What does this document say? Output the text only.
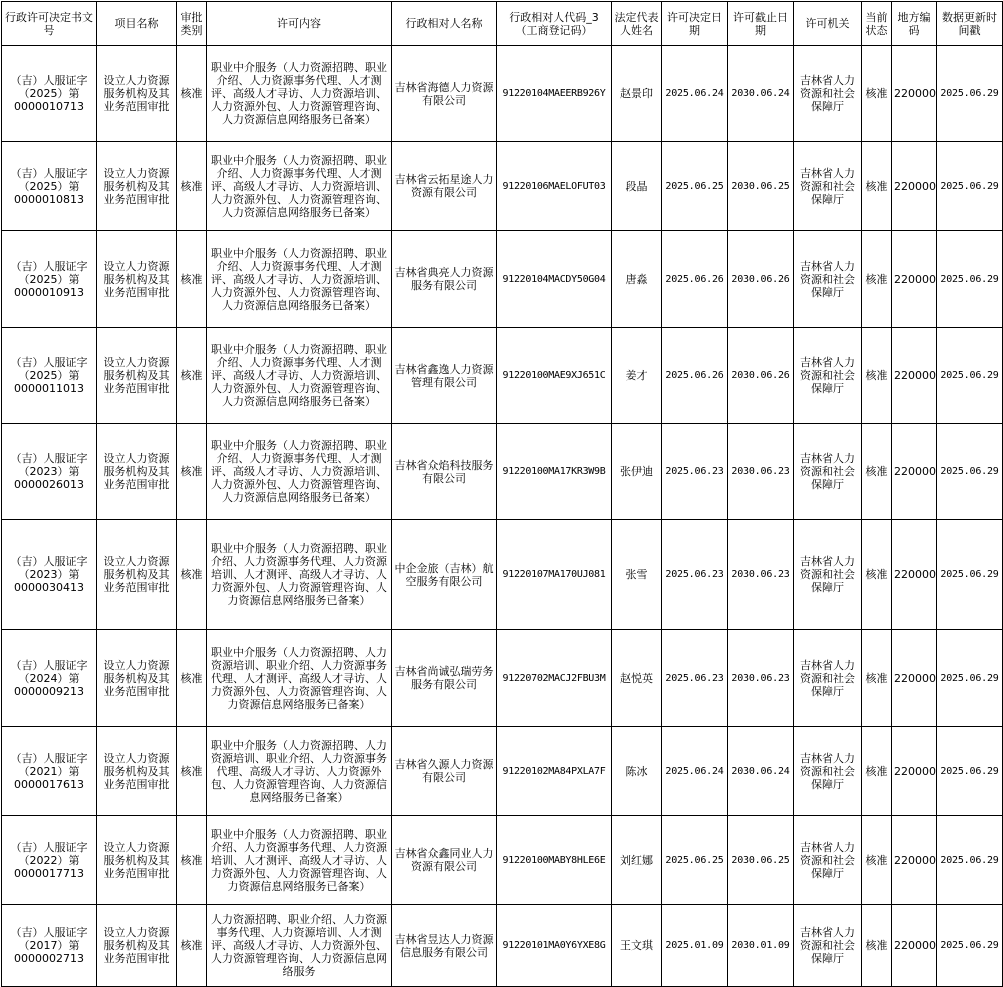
行政许可决定书文号	项目名称	审批类别	许可内容	行政相对人名称	行政相对人代码_3（工商登记码）	法定代表人姓名	许可决定日期	许可截止日期	许可机关	当前状态	地方编码	数据更新时间戳
（吉）人服证字（2025）第0000010713	设立人力资源服务机构及其业务范围审批	核准	职业中介服务（人力资源招聘、职业介绍、人力资源事务代理、人才测评、高级人才寻访、人力资源培训、人力资源外包、人力资源管理咨询、人力资源信息网络服务已备案）	吉林省海德人力资源有限公司	91220104MAEERB926Y	赵景印	2025.06.24	2030.06.24	吉林省人力资源和社会保障厅	核准	220000	2025.06.29
（吉）人服证字（2025）第0000010813	设立人力资源服务机构及其业务范围审批	核准	职业中介服务（人力资源招聘、职业介绍、人力资源事务代理、人才测评、高级人才寻访、人力资源培训、人力资源外包、人力资源管理咨询、人力资源信息网络服务已备案）	吉林省云拓星途人力资源有限公司	91220106MAELOFUT03	段晶	2025.06.25	2030.06.25	吉林省人力资源和社会保障厅	核准	220000	2025.06.29
（吉）人服证字（2025）第0000010913	设立人力资源服务机构及其业务范围审批	核准	职业中介服务（人力资源招聘、职业介绍、人力资源事务代理、人才测评、高级人才寻访、人力资源培训、人力资源外包、人力资源管理咨询、人力资源信息网络服务已备案）	吉林省典亮人力资源服务有限公司	91220104MACDY50G04	唐淼	2025.06.26	2030.06.26	吉林省人力资源和社会保障厅	核准	220000	2025.06.29
（吉）人服证字（2025）第0000011013	设立人力资源服务机构及其业务范围审批	核准	职业中介服务（人力资源招聘、职业介绍、人力资源事务代理、人才测评、高级人才寻访、人力资源培训、人力资源外包、人力资源管理咨询、人力资源信息网络服务已备案）	吉林省鑫逸人力资源管理有限公司	91220100MAE9XJ651C	姜才	2025.06.26	2030.06.26	吉林省人力资源和社会保障厅	核准	220000	2025.06.29
（吉）人服证字（2023）第0000026013	设立人力资源服务机构及其业务范围审批	核准	职业中介服务（人力资源招聘、职业介绍、人力资源事务代理、人才测评、高级人才寻访、人力资源培训、人力资源外包、人力资源管理咨询、人力资源信息网络服务已备案）	吉林省众焰科技服务有限公司	91220100MA17KR3W9B	张伊迪	2025.06.23	2030.06.23	吉林省人力资源和社会保障厅	核准	220000	2025.06.29
（吉）人服证字（2023）第0000030413	设立人力资源服务机构及其业务范围审批	核准	职业中介服务（人力资源招聘、职业介绍、人力资源事务代理、人力资源培训、人才测评、高级人才寻访、人力资源外包、人力资源管理咨询、人力资源信息网络服务已备案）	中企金旅（吉林）航空服务有限公司	91220107MA170UJ081	张雪	2025.06.23	2030.06.23	吉林省人力资源和社会保障厅	核准	220000	2025.06.29
（吉）人服证字（2024）第0000009213	设立人力资源服务机构及其业务范围审批	核准	职业中介服务（人力资源招聘、人力资源培训、职业介绍、人力资源事务代理、人才测评、高级人才寻访、人力资源外包、人力资源管理咨询、人力资源信息网络服务已备案）	吉林省尚诚弘瑞劳务服务有限公司	91220702MACJ2FBU3M	赵悦英	2025.06.23	2030.06.23	吉林省人力资源和社会保障厅	核准	220000	2025.06.29
（吉）人服证字（2021）第0000017613	设立人力资源服务机构及其业务范围审批	核准	职业中介服务（人力资源招聘、人力资源培训、职业介绍、人力资源事务代理、高级人才寻访、人力资源外包、人力资源管理咨询、人力资源信息网络服务已备案）	吉林省久源人力资源有限公司	91220102MA84PXLA7F	陈冰	2025.06.24	2030.06.24	吉林省人力资源和社会保障厅	核准	220000	2025.06.29
（吉）人服证字（2022）第0000017713	设立人力资源服务机构及其业务范围审批	核准	职业中介服务（人力资源招聘、职业介绍、人力资源事务代理、人力资源培训、人才测评、高级人才寻访、人力资源外包、人力资源管理咨询、人力资源信息网络服务已备案）	吉林省众鑫同业人力资源有限公司	91220100MABY8HLE6E	刘红娜	2025.06.25	2030.06.25	吉林省人力资源和社会保障厅	核准	220000	2025.06.29
（吉）人服证字（2017）第0000002713	设立人力资源服务机构及其业务范围审批	核准	人力资源招聘、职业介绍、人力资源事务代理、人力资源培训、人才测评、高级人才寻访、人力资源外包、人力资源管理咨询、人力资源信息网络服务	吉林省昱达人力资源信息服务有限公司	91220101MA0Y6YXE8G	王文琪	2025.01.09	2030.01.09	吉林省人力资源和社会保障厅	核准	220000	2025.06.29
